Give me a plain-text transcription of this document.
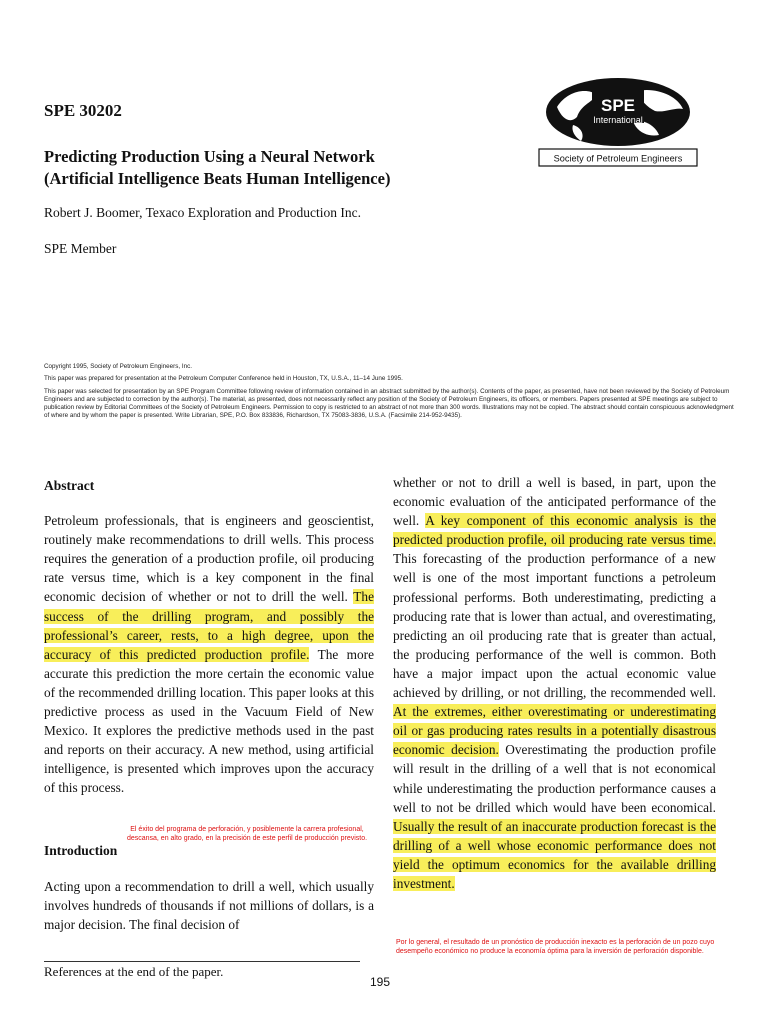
SPE 30202
Predicting Production Using a Neural Network
(Artificial Intelligence Beats Human Intelligence)
Robert J. Boomer, Texaco Exploration and Production Inc.
SPE Member
SPE
International
Society of Petroleum Engineers

Copyright 1995, Society of Petroleum Engineers, Inc.

This paper was prepared for presentation at the Petroleum Computer Conference held in Houston, TX, U.S.A., 11–14 June 1995.

This paper was selected for presentation by an SPE Program Committee following review of information contained in an abstract submitted by the author(s). Contents of the paper, as presented, have not been reviewed by the Society of Petroleum Engineers and are subjected to correction by the author(s). The material, as presented, does not necessarily reflect any position of the Society of Petroleum Engineers, its officers, or members. Papers presented at SPE meetings are subject to publication review by Editorial Committees of the Society of Petroleum Engineers. Permission to copy is restricted to an abstract of not more than 300 words. Illustrations may not be copied. The abstract should contain conspicuous acknowledgment of where and by whom the paper is presented. Write Librarian, SPE, P.O. Box 833836, Richardson, TX 75083-3836, U.S.A. (Facsimile 214-952-9435).

Abstract

Petroleum professionals, that is engineers and geoscientist, routinely make recommendations to drill wells. This process requires the generation of a production profile, oil producing rate versus time, which is a key component in the final economic decision of whether or not to drill the well. The success of the drilling program, and possibly the professional’s career, rests, to a high degree, upon the accuracy of this predicted production profile. The more accurate this prediction the more certain the economic value of the recommended drilling location. This paper looks at this predictive process as used in the Vacuum Field of New Mexico. It explores the predictive methods used in the past and reports on their accuracy. A new method, using artificial intelligence, is presented which improves upon the accuracy of this process.

El éxito del programa de perforación, y posiblemente la carrera profesional, descansa, en alto grado, en la precisión de este perfil de producción previsto.
Introduction
Acting upon a recommendation to drill a well, which usually involves hundreds of thousands if not millions of dollars, is a major decision. The final decision of

whether or not to drill a well is based, in part, upon the economic evaluation of the anticipated performance of the well. A key component of this economic analysis is the predicted production profile, oil producing rate versus time. This forecasting of the production performance of a new well is one of the most important functions a petroleum professional performs. Both underestimating, predicting a producing rate that is lower than actual, and overestimating, predicting an oil producing rate that is greater than actual, the producing performance of the well is common. Both have a major impact upon the actual economic value achieved by drilling, or not drilling, the recommended well. At the extremes, either overestimating or underestimating oil or gas producing rates results in a potentially disastrous economic decision. Overestimating the production profile will result in the drilling of a well that is not economical while underestimating the production performance causes a well to not be drilled which would have been economical. Usually the result of an inaccurate production forecast is the drilling of a well whose economic performance does not yield the optimum economics for the available drilling investment.

Por lo general, el resultado de un pronóstico de producción inexacto es la perforación de un pozo cuyo desempeño económico no produce la economía óptima para la inversión de perforación disponible.
References at the end of the paper.
195
